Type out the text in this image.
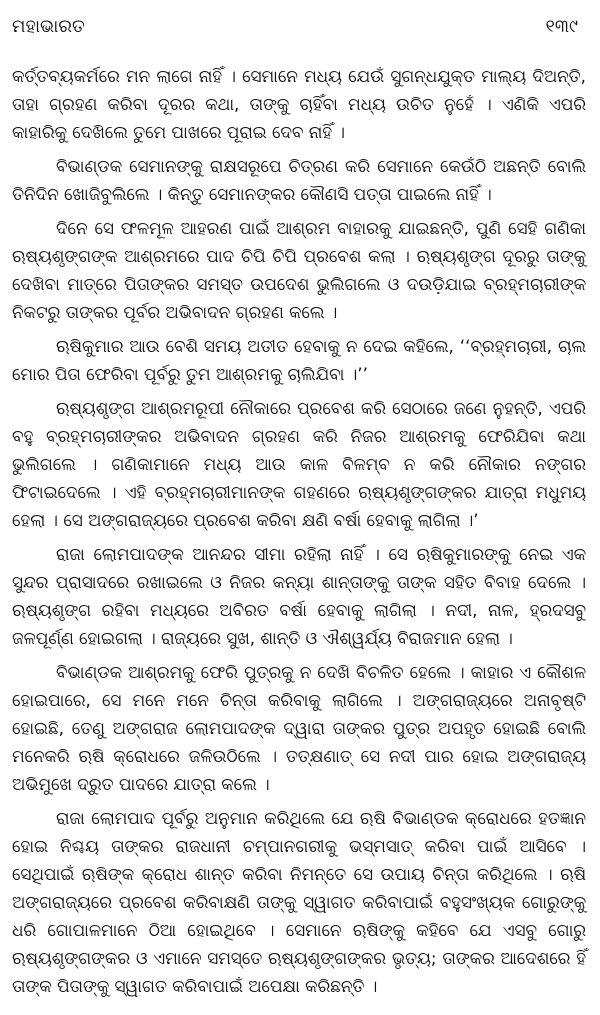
ମହାଭାରତ	୧୩୯

କର୍ତ୍ତବ୍ୟକର୍ମରେ ମନ ଲାଗେ ନାହିଁ । ସେମାନେ ମଧ୍ୟ ଯେଉଁ ସୁଗନ୍ଧଯୁକ୍ତ ମାଲ୍ୟ ଦିଅନ୍ତି, ତାହା ଗ୍ରହଣ କରିବା ଦୂରର କଥା, ତାଙ୍କୁ ଚାହିଁବା ମଧ୍ୟ ଉଚିତ ନୁହେଁ । ଏଣିକି ଏପରି କାହାରିକୁ ଦେଖିଲେ ତୁମେ ପାଖରେ ପୂରାଇ ଦେବ ନାହିଁ ।

ବିଭାଣ୍ଡକ ସେମାନଙ୍କୁ ରାକ୍ଷସରୂପେ ଚିତ୍ରଣ କରି ସେମାନେ କେଉଁଠି ଅଛନ୍ତି ବୋଲି ତିନିଦିନ ଖୋଜିବୁଲିଲେ । କିନ୍ତୁ ସେମାନଙ୍କର କୌଣସି ପତ୍ତା ପାଇଲେ ନାହିଁ ।

ଦିନେ ସେ ଫଳମୂଳ ଆହରଣ ପାଇଁ ଆଶ୍ରମ ବାହାରକୁ ଯାଇଛନ୍ତି, ପୁଣି ସେହି ଗଣିକା ଋଷ୍ୟଶୃଙ୍ଗଙ୍କ ଆଶ୍ରମରେ ପାଦ ଚିପି ଚିପି ପ୍ରବେଶ କଲା । ଋଷ୍ୟଶୃଙ୍ଗ ଦୂରରୁ ତାଙ୍କୁ ଦେଖିବା ମାତ୍ରେ ପିତାଙ୍କର ସମସ୍ତ ଉପଦେଶ ଭୁଲିଗଲେ ଓ ଦଉଡ଼ିଯାଇ ବ୍ରହ୍ମଚାରୀଙ୍କ ନିକଟରୁ ତାଙ୍କର ପୂର୍ବର ଅଭିବାଦନ ଗ୍ରହଣ କଲେ ।

ଋଷିକୁମାର ଆଉ ବେଶି ସମୟ ଅତୀତ ହେବାକୁ ନ ଦେଇ କହିଲେ, ‘‘ବ୍ରହ୍ମଚାରୀ, ଚାଲ ମୋର ପିତା ଫେରିବା ପୂର୍ବରୁ ତୁମ ଆଶ୍ରମକୁ ଚାଲିଯିବା ।’’

ଋଷ୍ୟଶୃଙ୍ଗ ଆଶ୍ରମରୂପୀ ନୌକାରେ ପ୍ରବେଶ କରି ସେଠାରେ ଜଣେ ନୁହନ୍ତି, ଏପରି ବହୁ ବ୍ରହ୍ମଚାରୀଙ୍କର ଅଭିବାଦନ ଗ୍ରହଣ କରି ନିଜର ଆଶ୍ରମକୁ ଫେରିଯିବା କଥା ଭୁଲିଗଲେ । ଗଣିକାମାନେ ମଧ୍ୟ ଆଉ କାଳ ବିଳମ୍ବ ନ କରି ନୌକାର ନଙ୍ଗର ଫିଟାଇଦେଲେ । ଏହି ବ୍ରହ୍ମଚାରୀମାନଙ୍କ ଗହଣରେ ଋଷ୍ୟଶୃଙ୍ଗଙ୍କର ଯାତ୍ରା ମଧୁମୟ ହେଲା । ସେ ଅଙ୍ଗରାଜ୍ୟରେ ପ୍ରବେଶ କରିବା କ୍ଷଣି ବର୍ଷା ହେବାକୁ ଲାଗିଲା ।’

ରାଜା ଲୋମପାଦଙ୍କ ଆନନ୍ଦର ସୀମା ରହିଲା ନାହିଁ । ସେ ଋଷିକୁମାରଙ୍କୁ ନେଇ ଏକ ସୁନ୍ଦର ପ୍ରାସାଦରେ ରଖାଇଲେ ଓ ନିଜର କନ୍ୟା ଶାନ୍ତାଙ୍କୁ ତାଙ୍କ ସହିତ ବିବାହ ଦେଲେ । ଋଷ୍ୟଶୃଙ୍ଗ ରହିବା ମଧ୍ୟରେ ଅବିରତ ବର୍ଷା ହେବାକୁ ଲାଗିଲା । ନଦୀ, ନାଳ, ହ୍ରଦସବୁ ଜଳପୂର୍ଣ୍ଣ ହୋଇଗଲା । ରାଜ୍ୟରେ ସୁଖ, ଶାନ୍ତି ଓ ଐଶ୍ୱର୍ଯ୍ୟ ବିରାଜମାନ ହେଲା ।

ବିଭାଣ୍ଡକ ଆଶ୍ରମକୁ ଫେରି ପୁତ୍ରକୁ ନ ଦେଖି ବିଚଳିତ ହେଲେ । କାହାର ଏ କୌଶଳ ହୋଇପାରେ, ସେ ମନେ ମନେ ଚିନ୍ତା କରିବାକୁ ଲାଗିଲେ । ଅଙ୍ଗରାଜ୍ୟରେ ଅନାବୃଷ୍ଟି ହୋଇଛି, ତେଣୁ ଅଙ୍ଗରାଜ ଲୋମପାଦଙ୍କ ଦ୍ୱାରା ତାଙ୍କର ପୁତ୍ର ଅପହୃତ ହୋଇଛି ବୋଲି ମନେକରି ଋଷି କ୍ରୋଧରେ ଜଳିଉଠିଲେ । ତତ୍‌କ୍ଷଣାତ୍ ସେ ନଦୀ ପାର ହୋଇ ଅଙ୍ଗରାଜ୍ୟ ଅଭିମୁଖେ ଦ୍ରୁତ ପାଦରେ ଯାତ୍ରା କଲେ ।

ରାଜା ଲୋମପାଦ ପୂର୍ବରୁ ଅନୁମାନ କରିଥିଲେ ଯେ ଋଷି ବିଭାଣ୍ଡକ କ୍ରୋଧରେ ହତଜ୍ଞାନ ହୋଇ ନିଶ୍ଚୟ ତାଙ୍କର ରାଜଧାନୀ ଚମ୍ପାନଗରୀକୁ ଭସ୍ମସାତ୍ କରିବା ପାଇଁ ଆସିବେ । ସେଥିପାଇଁ ଋଷିଙ୍କ କ୍ରୋଧ ଶାନ୍ତ କରିବା ନିମନ୍ତେ ସେ ଉପାୟ ଚିନ୍ତା କରିଥିଲେ । ଋଷି ଅଙ୍ଗରାଜ୍ୟରେ ପ୍ରବେଶ କରିବାକ୍ଷଣି ତାଙ୍କୁ ସ୍ୱାଗତ କରିବାପାଇଁ ବହୁସଂଖ୍ୟକ ଗୋରୁଙ୍କୁ ଧରି ଗୋପାଳମାନେ ଠିଆ ହୋଇଥିବେ । ସେମାନେ ଋଷିଙ୍କୁ କହିବେ ଯେ ଏସବୁ ଗୋରୁ ଋଷ୍ୟଶୃଙ୍ଗଙ୍କର ଓ ଏମାନେ ସମସ୍ତେ ଋଷ୍ୟଶୃଙ୍ଗଙ୍କର ଭୃତ୍ୟ; ତାଙ୍କର ଆଦେଶରେ ହିଁ ତାଙ୍କ ପିତାଙ୍କୁ ସ୍ୱାଗତ କରିବାପାଇଁ ଅପେକ୍ଷା କରିଛନ୍ତି ।
